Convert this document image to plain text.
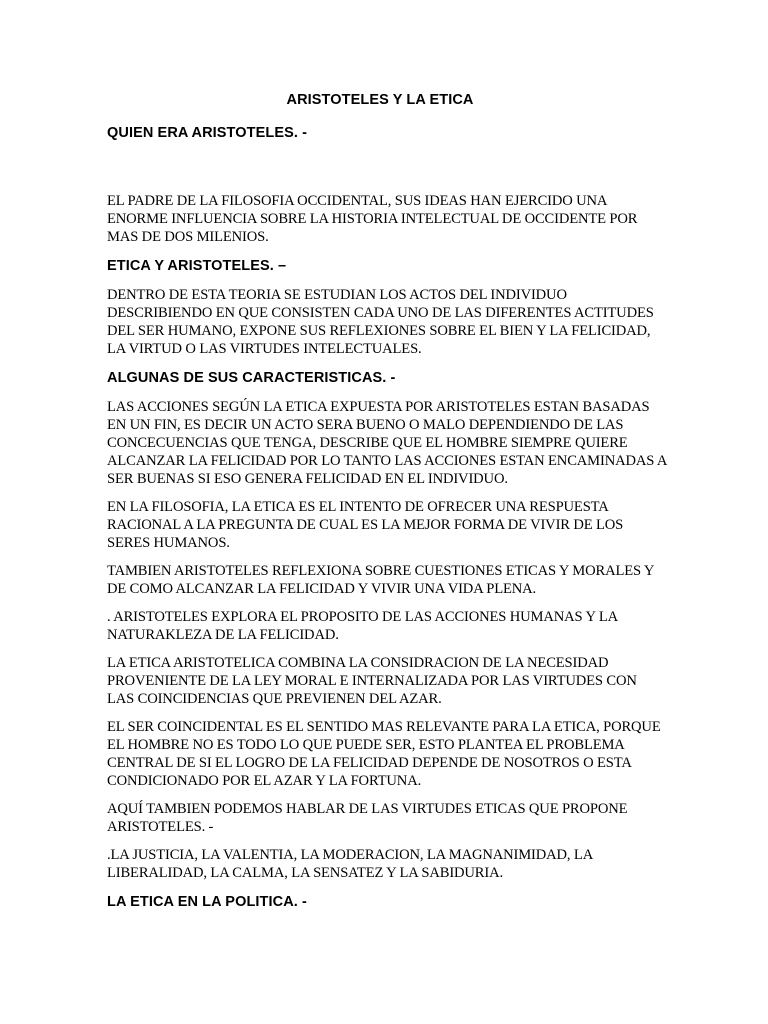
ARISTOTELES Y LA ETICA
QUIEN ERA ARISTOTELES. -

EL PADRE DE LA FILOSOFIA OCCIDENTAL, SUS IDEAS HAN EJERCIDO UNA ENORME INFLUENCIA SOBRE LA HISTORIA INTELECTUAL DE OCCIDENTE POR MAS DE DOS MILENIOS.

ETICA Y ARISTOTELES. –

DENTRO DE ESTA TEORIA SE ESTUDIAN LOS ACTOS DEL INDIVIDUO DESCRIBIENDO EN QUE CONSISTEN CADA UNO DE LAS DIFERENTES ACTITUDES DEL SER HUMANO, EXPONE SUS REFLEXIONES SOBRE EL BIEN Y LA FELICIDAD, LA VIRTUD O LAS VIRTUDES INTELECTUALES.

ALGUNAS DE SUS CARACTERISTICAS. -

LAS ACCIONES SEGÚN LA ETICA EXPUESTA POR ARISTOTELES ESTAN BASADAS EN UN FIN, ES DECIR UN ACTO SERA BUENO O MALO DEPENDIENDO DE LAS CONCECUENCIAS QUE TENGA, DESCRIBE QUE EL HOMBRE SIEMPRE QUIERE ALCANZAR LA FELICIDAD POR LO TANTO LAS ACCIONES ESTAN ENCAMINADAS A SER BUENAS SI ESO GENERA FELICIDAD EN EL INDIVIDUO.

EN LA FILOSOFIA, LA ETICA ES EL INTENTO DE OFRECER UNA RESPUESTA RACIONAL A LA PREGUNTA DE CUAL ES LA MEJOR FORMA DE VIVIR DE LOS SERES HUMANOS.

TAMBIEN ARISTOTELES REFLEXIONA SOBRE CUESTIONES ETICAS Y MORALES Y DE COMO ALCANZAR LA FELICIDAD Y VIVIR UNA VIDA PLENA.

. ARISTOTELES EXPLORA EL PROPOSITO DE LAS ACCIONES HUMANAS Y LA NATURAKLEZA DE LA FELICIDAD.

LA ETICA ARISTOTELICA COMBINA LA CONSIDRACION DE LA NECESIDAD PROVENIENTE DE LA LEY MORAL E INTERNALIZADA POR LAS VIRTUDES CON LAS COINCIDENCIAS QUE PREVIENEN DEL AZAR.

EL SER COINCIDENTAL ES EL SENTIDO MAS RELEVANTE PARA LA ETICA, PORQUE EL HOMBRE NO ES TODO LO QUE PUEDE SER, ESTO PLANTEA EL PROBLEMA CENTRAL DE SI EL LOGRO DE LA FELICIDAD DEPENDE DE NOSOTROS O ESTA CONDICIONADO POR EL AZAR Y LA FORTUNA.

AQUÍ TAMBIEN PODEMOS HABLAR DE LAS VIRTUDES ETICAS QUE PROPONE ARISTOTELES. -

.LA JUSTICIA, LA VALENTIA, LA MODERACION, LA MAGNANIMIDAD, LA LIBERALIDAD, LA CALMA, LA SENSATEZ Y LA SABIDURIA.

LA ETICA EN LA POLITICA. -
